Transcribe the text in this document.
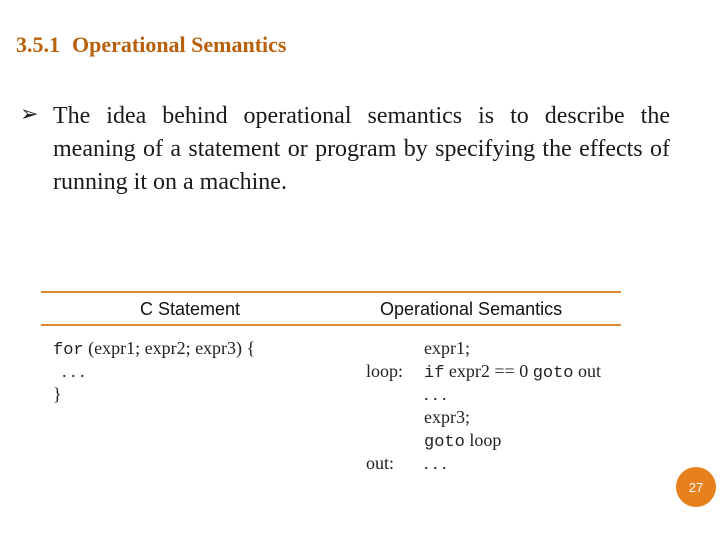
3.5.1 Operational Semantics
➢ The idea behind operational semantics is to describe the meaning of a statement or program by specifying the effects of running it on a machine.
C Statement	Operational Semantics
for (expr1; expr2; expr3) {
. . .
}
loop:
out:
expr1;
if expr2 == 0 goto out
. . .
expr3;
goto loop
. . .
27
